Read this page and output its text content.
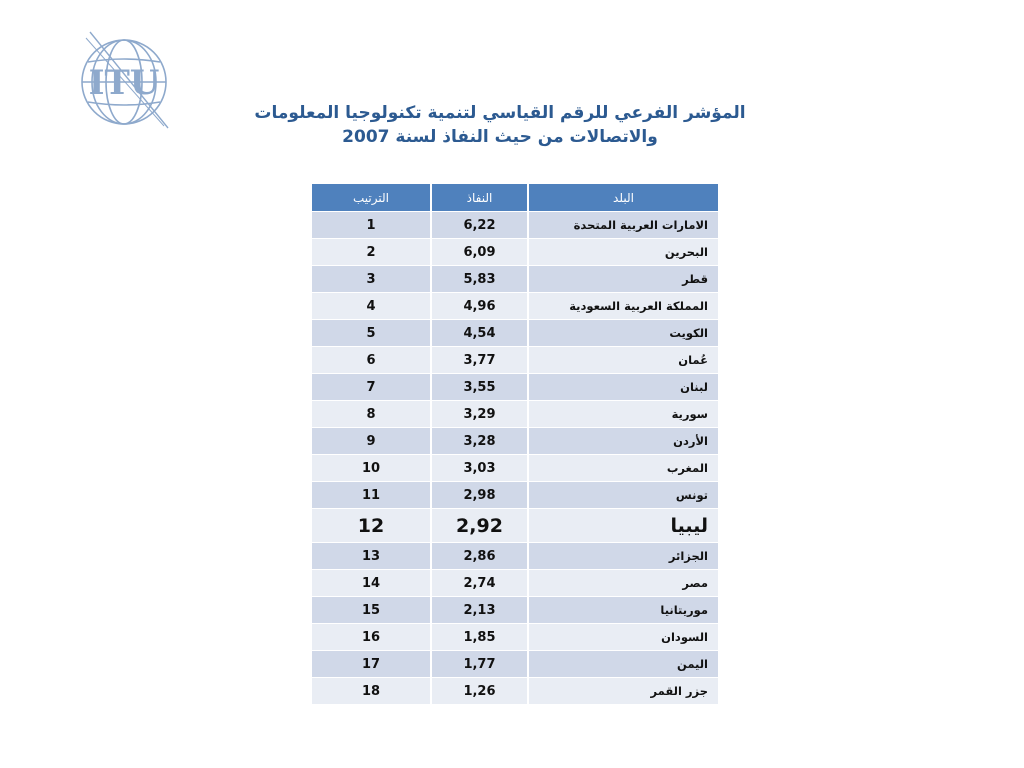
ITU
المؤشر الفرعي للرقم القياسي لتنمية تكنولوجيا المعلومات
والاتصالات من حيث النفاذ لسنة 2007
البلد	النفاذ	الترتيب
الامارات العربية المتحدة	6,22	1
البحرين	6,09	2
قطر	5,83	3
المملكة العربية السعودية	4,96	4
الكويت	4,54	5
عُمان	3,77	6
لبنان	3,55	7
سورية	3,29	8
الأردن	3,28	9
المغرب	3,03	10
تونس	2,98	11
ليبيا	2,92	12
الجزائر	2,86	13
مصر	2,74	14
موريتانيا	2,13	15
السودان	1,85	16
اليمن	1,77	17
جزر القمر	1,26	18
